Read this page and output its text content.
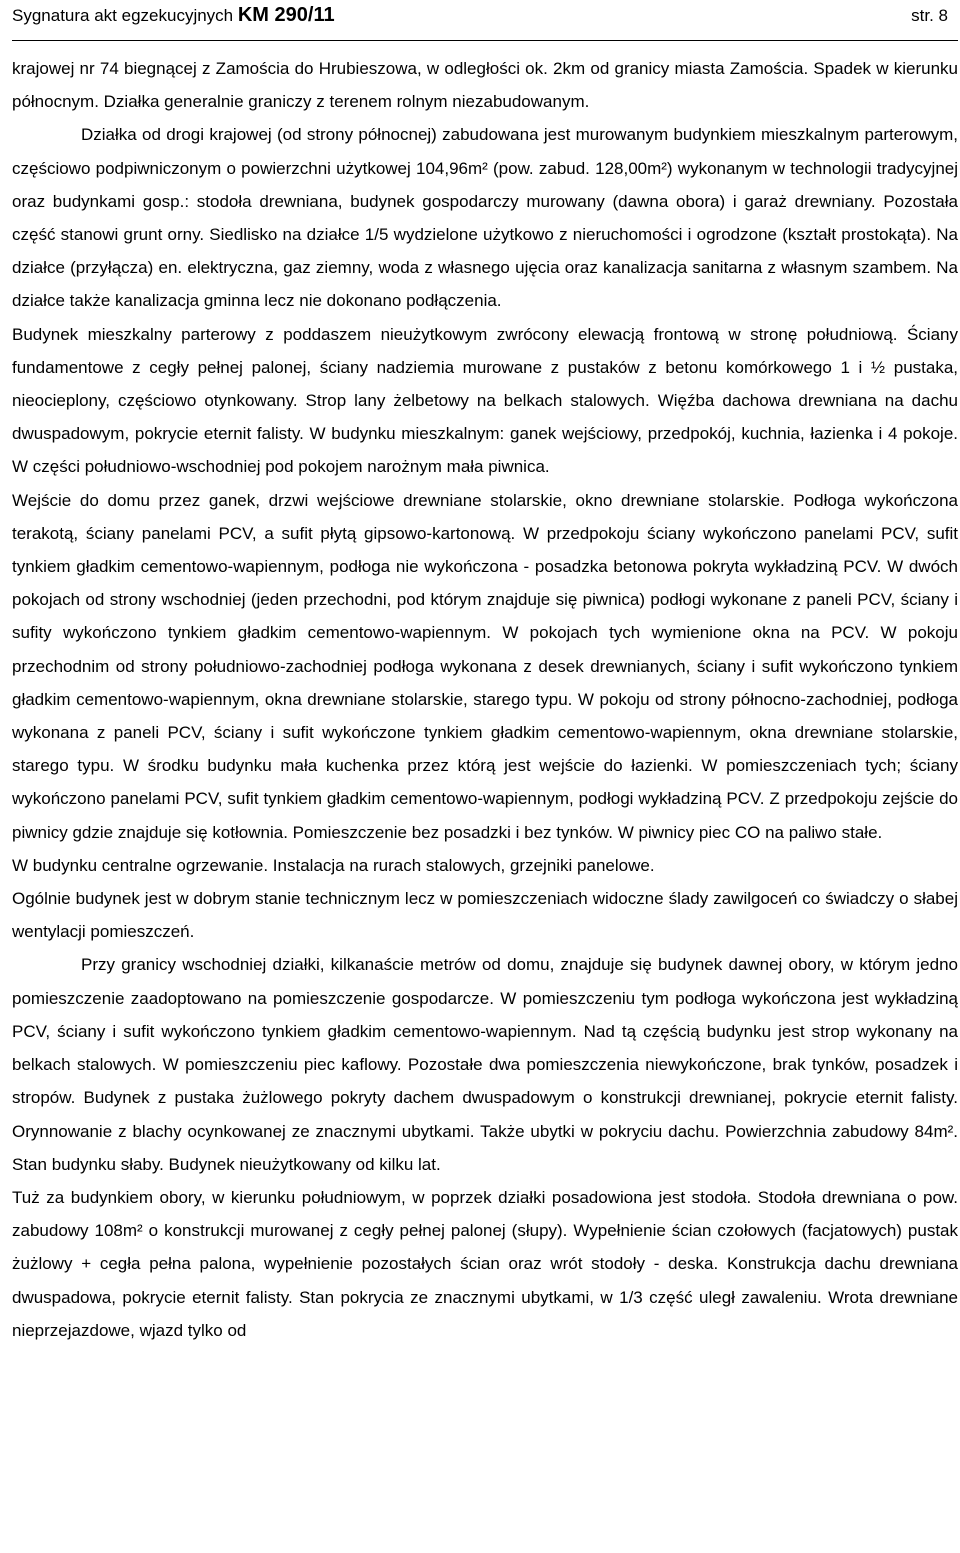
Sygnatura akt egzekucyjnych KM 290/11	str. 8

krajowej nr 74 biegnącej z Zamościa do Hrubieszowa, w odległości ok. 2km od granicy miasta Zamościa. Spadek w kierunku północnym. Działka generalnie graniczy z terenem rolnym niezabudowanym.

Działka od drogi krajowej (od strony północnej) zabudowana jest murowanym budynkiem mieszkalnym parterowym, częściowo podpiwniczonym o powierzchni użytkowej 104,96m² (pow. zabud. 128,00m²) wykonanym w technologii tradycyjnej oraz budynkami gosp.: stodoła drewniana, budynek gospodarczy murowany (dawna obora) i garaż drewniany. Pozostała część stanowi grunt orny. Siedlisko na działce 1/5 wydzielone użytkowo z nieruchomości i ogrodzone (kształt prostokąta). Na działce (przyłącza) en. elektryczna, gaz ziemny, woda z własnego ujęcia oraz kanalizacja sanitarna z własnym szambem. Na działce także kanalizacja gminna lecz nie dokonano podłączenia.

Budynek mieszkalny parterowy z poddaszem nieużytkowym zwrócony elewacją frontową w stronę południową. Ściany fundamentowe z cegły pełnej palonej, ściany nadziemia murowane z pustaków z betonu komórkowego 1 i ½ pustaka, nieocieplony, częściowo otynkowany. Strop lany żelbetowy na belkach stalowych. Więźba dachowa drewniana na dachu dwuspadowym, pokrycie eternit falisty. W budynku mieszkalnym: ganek wejściowy, przedpokój, kuchnia, łazienka i 4 pokoje. W części południowo-wschodniej pod pokojem narożnym mała piwnica.

Wejście do domu przez ganek, drzwi wejściowe drewniane stolarskie, okno drewniane stolarskie. Podłoga wykończona terakotą, ściany panelami PCV, a sufit płytą gipsowo-kartonową. W przedpokoju ściany wykończono panelami PCV, sufit tynkiem gładkim cementowo-wapiennym, podłoga nie wykończona - posadzka betonowa pokryta wykładziną PCV. W dwóch pokojach od strony wschodniej (jeden przechodni, pod którym znajduje się piwnica) podłogi wykonane z paneli PCV, ściany i sufity wykończono tynkiem gładkim cementowo-wapiennym. W pokojach tych wymienione okna na PCV. W pokoju przechodnim od strony południowo-zachodniej podłoga wykonana z desek drewnianych, ściany i sufit wykończono tynkiem gładkim cementowo-wapiennym, okna drewniane stolarskie, starego typu. W pokoju od strony północno-zachodniej, podłoga wykonana z paneli PCV, ściany i sufit wykończone tynkiem gładkim cementowo-wapiennym, okna drewniane stolarskie, starego typu. W środku budynku mała kuchenka przez którą jest wejście do łazienki. W pomieszczeniach tych; ściany wykończono panelami PCV, sufit tynkiem gładkim cementowo-wapiennym, podłogi wykładziną PCV. Z przedpokoju zejście do piwnicy gdzie znajduje się kotłownia. Pomieszczenie bez posadzki i bez tynków. W piwnicy piec CO na paliwo stałe.

W budynku centralne ogrzewanie. Instalacja na rurach stalowych, grzejniki panelowe.

Ogólnie budynek jest w dobrym stanie technicznym lecz w pomieszczeniach widoczne ślady zawilgoceń co świadczy o słabej wentylacji pomieszczeń.

Przy granicy wschodniej działki, kilkanaście metrów od domu, znajduje się budynek dawnej obory, w którym jedno pomieszczenie zaadoptowano na pomieszczenie gospodarcze. W pomieszczeniu tym podłoga wykończona jest wykładziną PCV, ściany i sufit wykończono tynkiem gładkim cementowo-wapiennym. Nad tą częścią budynku jest strop wykonany na belkach stalowych. W pomieszczeniu piec kaflowy. Pozostałe dwa pomieszczenia niewykończone, brak tynków, posadzek i stropów. Budynek z pustaka żużlowego pokryty dachem dwuspadowym o konstrukcji drewnianej, pokrycie eternit falisty. Orynnowanie z blachy ocynkowanej ze znacznymi ubytkami. Także ubytki w pokryciu dachu. Powierzchnia zabudowy 84m². Stan budynku słaby. Budynek nieużytkowany od kilku lat.

Tuż za budynkiem obory, w kierunku południowym, w poprzek działki posadowiona jest stodoła. Stodoła drewniana o pow. zabudowy 108m² o konstrukcji murowanej z cegły pełnej palonej (słupy). Wypełnienie ścian czołowych (facjatowych) pustak żużlowy + cegła pełna palona, wypełnienie pozostałych ścian oraz wrót stodoły - deska. Konstrukcja dachu drewniana dwuspadowa, pokrycie eternit falisty. Stan pokrycia ze znacznymi ubytkami, w 1/3 część uległ zawaleniu. Wrota drewniane nieprzejazdowe, wjazd tylko od
